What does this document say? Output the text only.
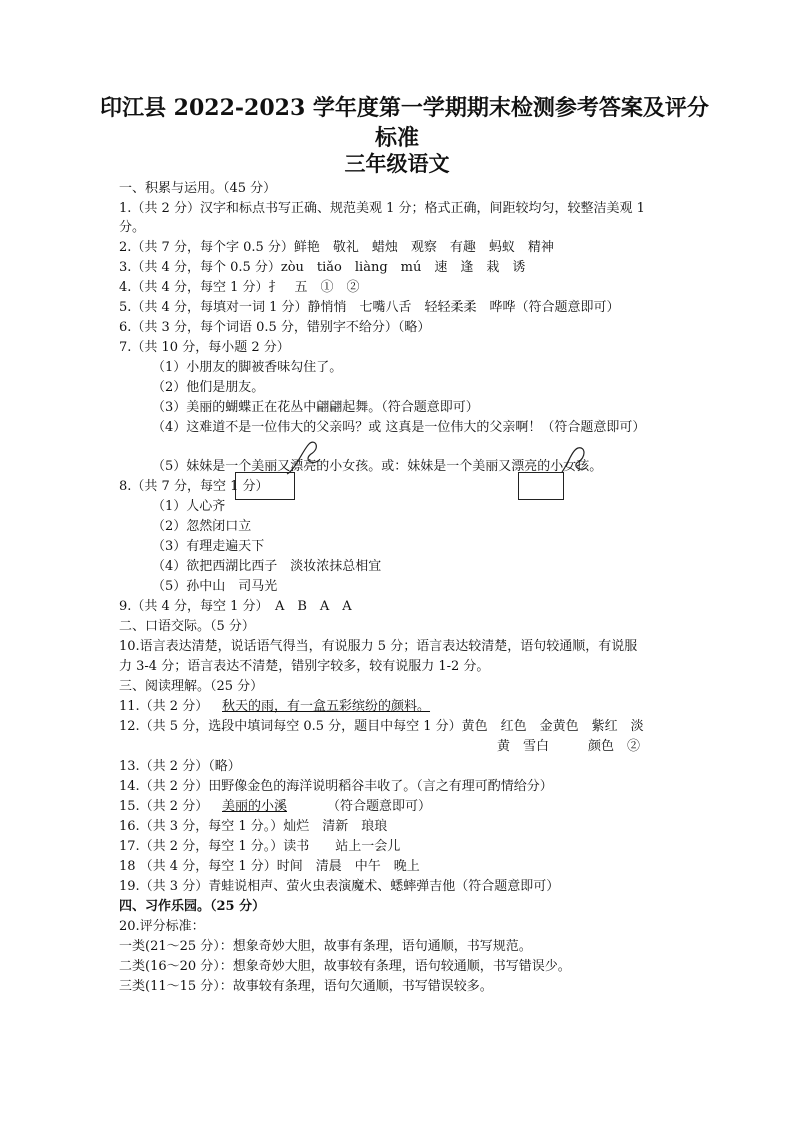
印江县 2022-2023 学年度第一学期期末检测参考答案及评分
标准
三年级语文
一、积累与运用。（45 分）
1.（共 2 分）汉字和标点书写正确、规范美观 1 分；格式正确，间距较均匀，较整洁美观 1
分。
2.（共 7 分，每个字 0.5 分）鲜艳　敬礼　蜡烛　观察　有趣　蚂蚁　精神
3.（共 4 分，每个 0.5 分）zòu　tiǎo　liàng　mú　速　逢　栽　诱
4.（共 4 分，每空 1 分）扌　五　①　②
5.（共 4 分，每填对一词 1 分）静悄悄　七嘴八舌　轻轻柔柔　哗哗（符合题意即可）
6.（共 3 分，每个词语 0.5 分，错别字不给分）（略）
7.（共 10 分，每小题 2 分）
（1）小朋友的脚被香味勾住了。
（2）他们是朋友。
（3）美丽的蝴蝶正在花丛中翩翩起舞。（符合题意即可）
（4）这难道不是一位伟大的父亲吗？或 这真是一位伟大的父亲啊！（符合题意即可）
（5）妹妹是一个美丽又漂亮的小女孩。或：妹妹是一个美丽又漂亮的小女孩。
8.（共 7 分，每空 1 分）
（1）人心齐
（2）忽然闭口立
（3）有理走遍天下
（4）欲把西湖比西子　淡妆浓抹总相宜
（5）孙中山　司马光
9.（共 4 分，每空 1 分）　A　B　A　A
二、口语交际。（5 分）
10.语言表达清楚，说话语气得当，有说服力 5 分；语言表达较清楚，语句较通顺，有说服
力 3-4 分；语言表达不清楚，错别字较多，较有说服力 1-2 分。
三、阅读理解。（25 分）
11.（共 2 分） 秋天的雨，有一盒五彩缤纷的颜料。
12.（共 5 分，选段中填词每空 0.5 分，题目中每空 1 分）黄色　红色　金黄色　紫红　淡
黄　雪白　　　颜色　②
13.（共 2 分）（略）
14.（共 2 分）田野像金色的海洋说明稻谷丰收了。（言之有理可酌情给分）
15.（共 2 分） 美丽的小溪	（符合题意即可）
16.（共 3 分，每空 1 分。）灿烂　清新　琅琅
17.（共 2 分，每空 1 分。）读书　　站上一会儿
18 （共 4 分，每空 1 分）时间　清晨　中午　晚上
19.（共 3 分）青蛙说相声、萤火虫表演魔术、蟋蟀弹吉他（符合题意即可）
四、习作乐园。（25 分）
20.评分标准：
一类(21～25 分）：想象奇妙大胆，故事有条理，语句通顺，书写规范。
二类(16～20 分）：想象奇妙大胆，故事较有条理，语句较通顺，书写错误少。
三类(11～15 分）：故事较有条理，语句欠通顺，书写错误较多。
